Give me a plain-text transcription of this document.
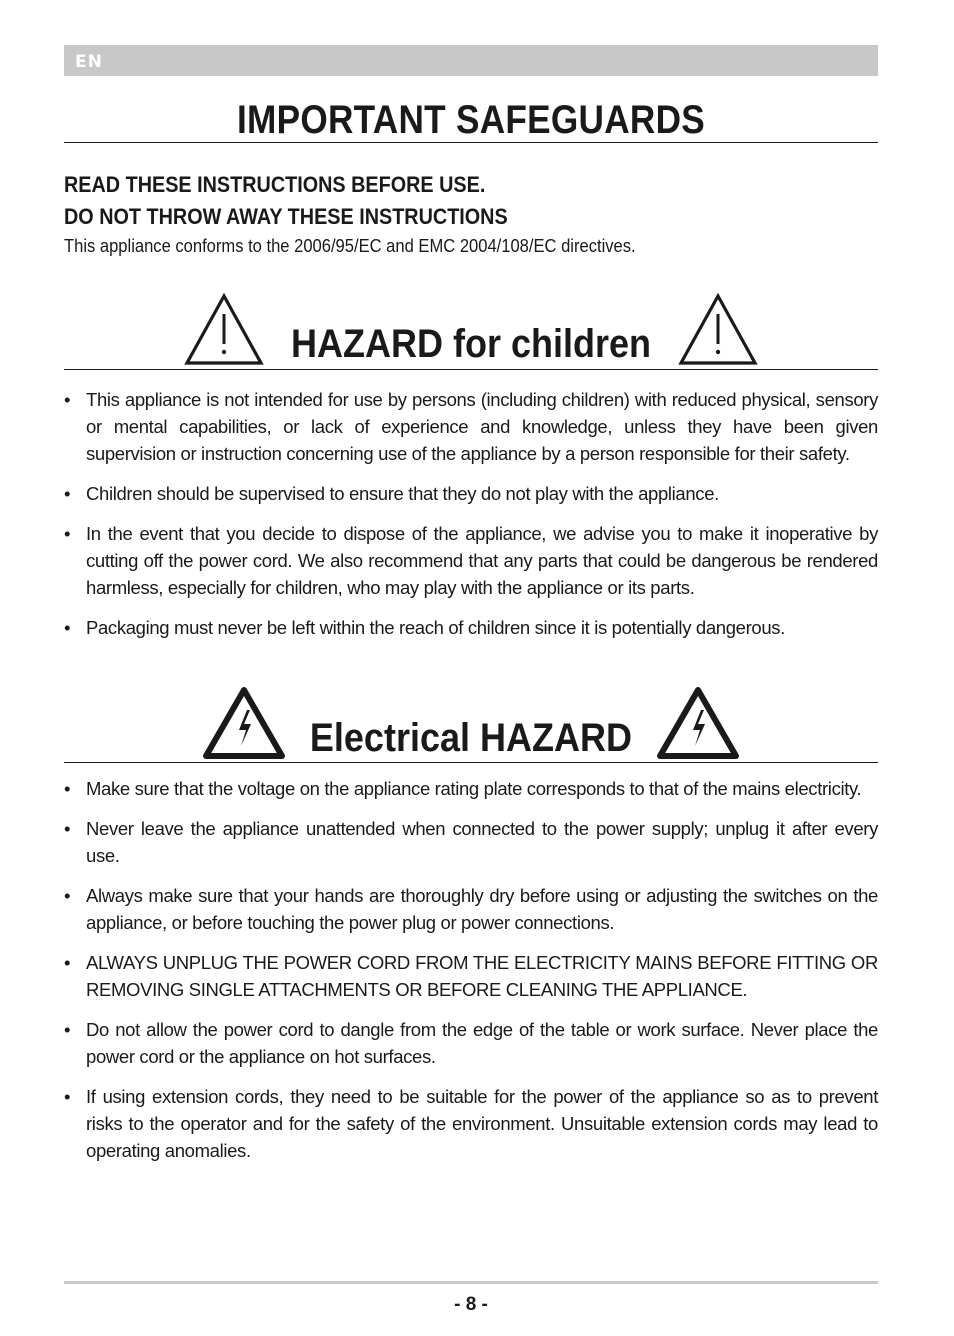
EN
IMPORTANT SAFEGUARDS
READ THESE INSTRUCTIONS BEFORE USE.
DO NOT THROW AWAY THESE INSTRUCTIONS
This appliance conforms to the 2006/95/EC and EMC 2004/108/EC directives.
HAZARD for children
• This appliance is not intended for use by persons (including children) with reduced physical, sensory or mental capabilities, or lack of experience and knowledge, unless they have been given supervision or instruction concerning use of the appliance by a person responsible for their safety.
• Children should be supervised to ensure that they do not play with the appliance.
• In the event that you decide to dispose of the appliance, we advise you to make it inoperative by cutting off the power cord. We also recommend that any parts that could be dangerous be rendered harmless, especially for children, who may play with the appliance or its parts.
• Packaging must never be left within the reach of children since it is potentially dangerous.
Electrical HAZARD
• Make sure that the voltage on the appliance rating plate corresponds to that of the mains electricity.
• Never leave the appliance unattended when connected to the power supply; unplug it after every use.
• Always make sure that your hands are thoroughly dry before using or adjusting the switches on the appliance, or before touching the power plug or power connections.
• ALWAYS UNPLUG THE POWER CORD FROM THE ELECTRICITY MAINS BEFORE FITTING OR REMOVING SINGLE ATTACHMENTS OR BEFORE CLEANING THE APPLIANCE.
• Do not allow the power cord to dangle from the edge of the table or work surface. Never place the power cord or the appliance on hot surfaces.
• If using extension cords, they need to be suitable for the power of the appliance so as to prevent risks to the operator and for the safety of the environment. Unsuitable extension cords may lead to operating anomalies.
- 8 -
